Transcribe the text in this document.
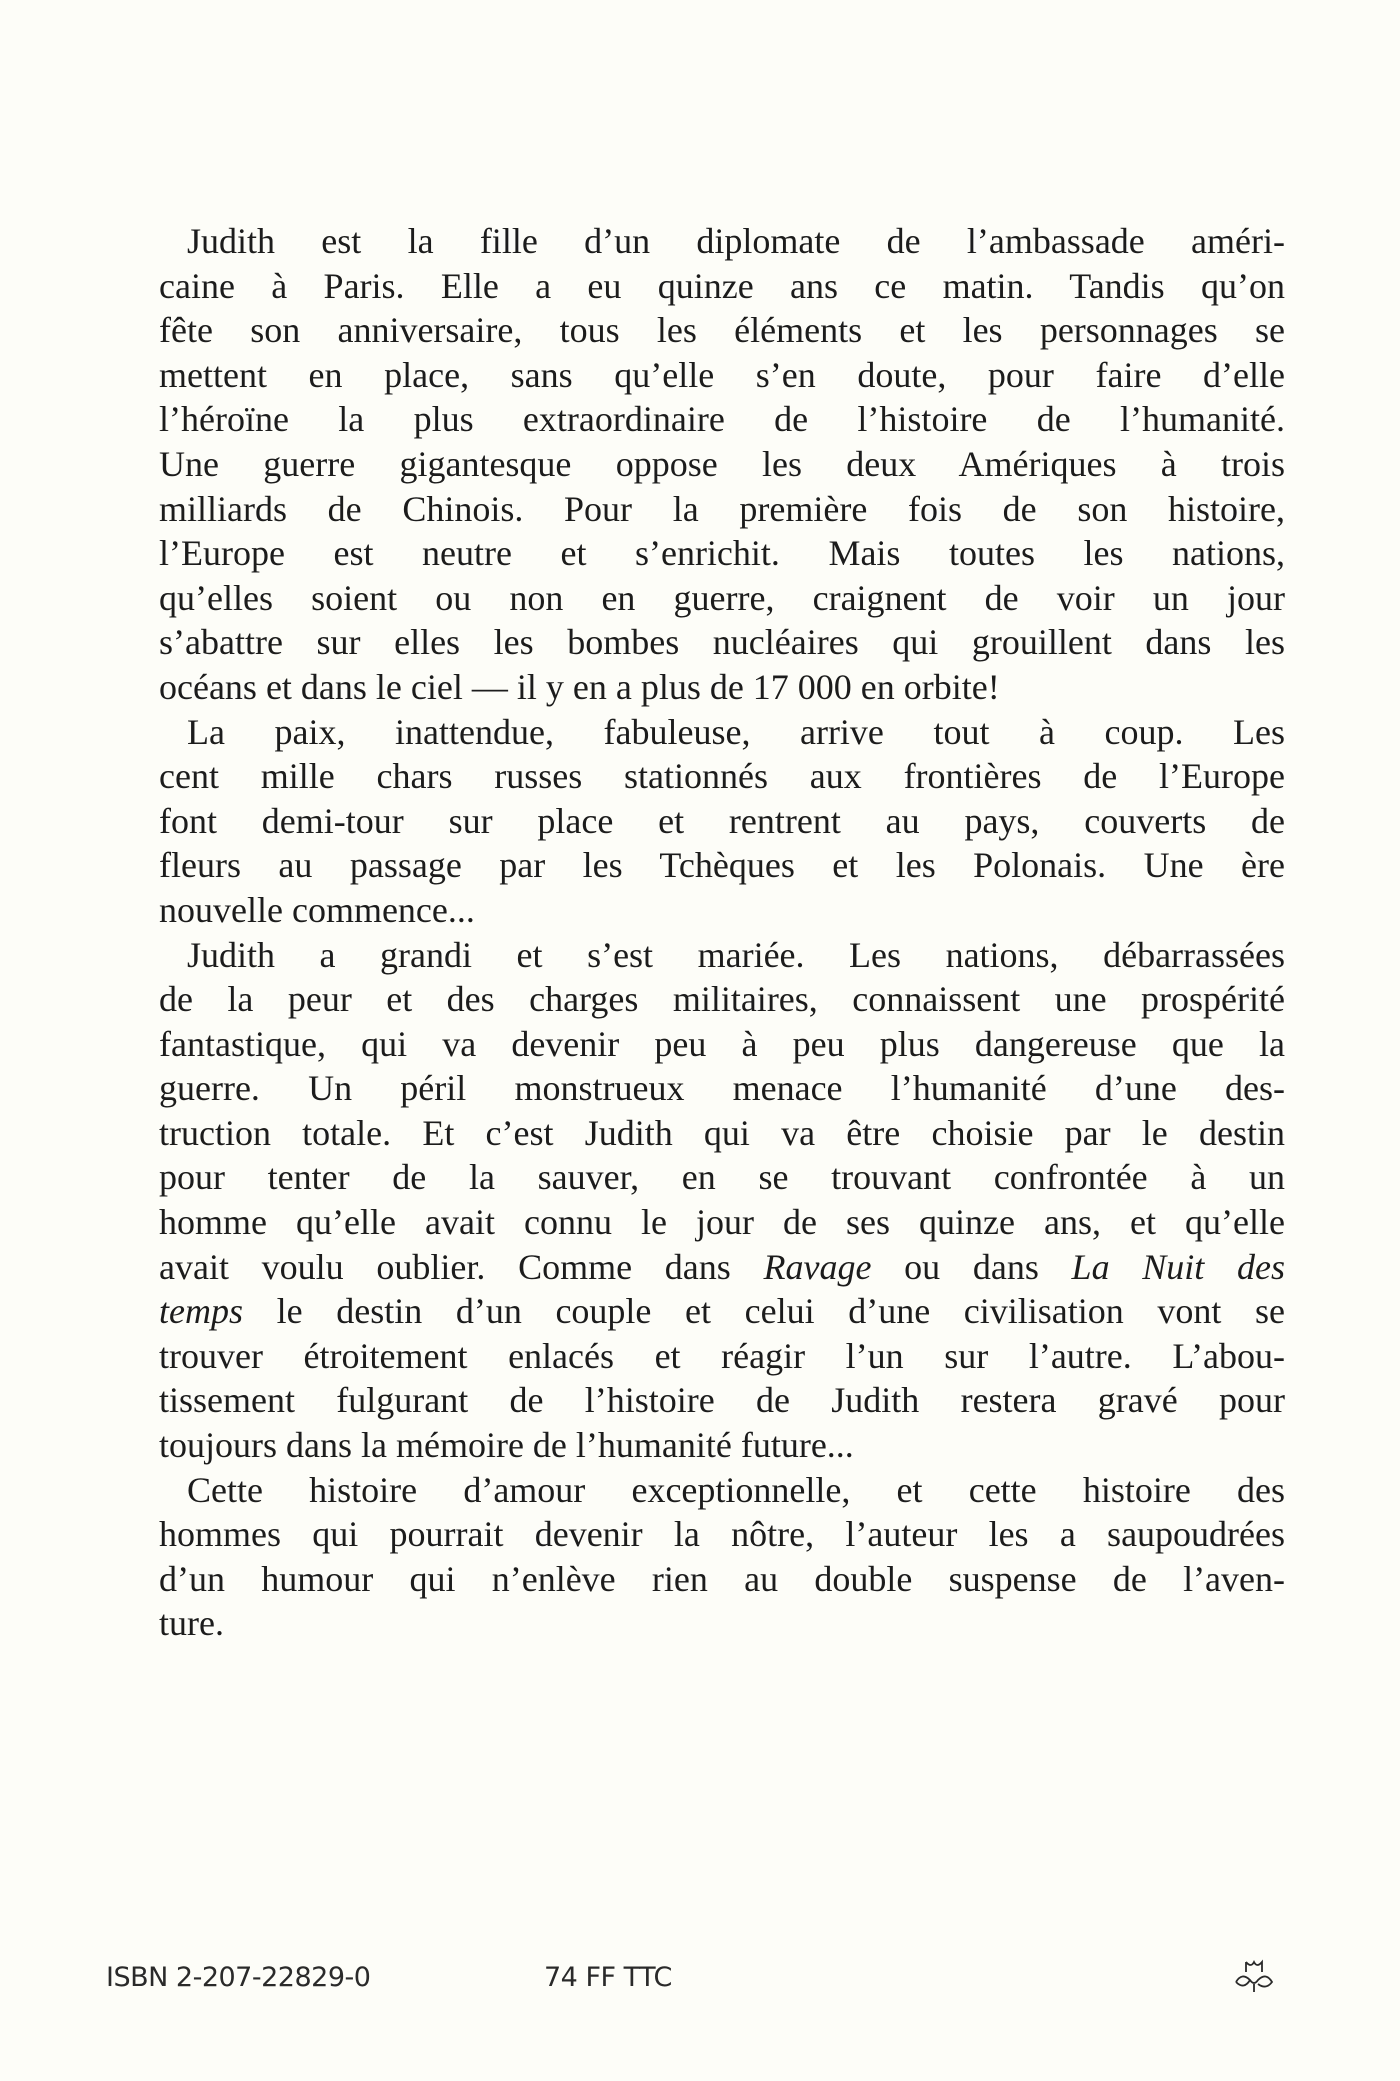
Judith est la fille d’un diplomate de l’ambassade améri-
caine à Paris. Elle a eu quinze ans ce matin. Tandis qu’on
fête son anniversaire, tous les éléments et les personnages se
mettent en place, sans qu’elle s’en doute, pour faire d’elle
l’héroïne la plus extraordinaire de l’histoire de l’humanité.
Une guerre gigantesque oppose les deux Amériques à trois
milliards de Chinois. Pour la première fois de son histoire,
l’Europe est neutre et s’enrichit. Mais toutes les nations,
qu’elles soient ou non en guerre, craignent de voir un jour
s’abattre sur elles les bombes nucléaires qui grouillent dans les
océans et dans le ciel — il y en a plus de 17 000 en orbite!
La paix, inattendue, fabuleuse, arrive tout à coup. Les
cent mille chars russes stationnés aux frontières de l’Europe
font demi-tour sur place et rentrent au pays, couverts de
fleurs au passage par les Tchèques et les Polonais. Une ère
nouvelle commence...
Judith a grandi et s’est mariée. Les nations, débarrassées
de la peur et des charges militaires, connaissent une prospérité
fantastique, qui va devenir peu à peu plus dangereuse que la
guerre. Un péril monstrueux menace l’humanité d’une des-
truction totale. Et c’est Judith qui va être choisie par le destin
pour tenter de la sauver, en se trouvant confrontée à un
homme qu’elle avait connu le jour de ses quinze ans, et qu’elle
avait voulu oublier. Comme dans Ravage ou dans La Nuit des
temps le destin d’un couple et celui d’une civilisation vont se
trouver étroitement enlacés et réagir l’un sur l’autre. L’abou-
tissement fulgurant de l’histoire de Judith restera gravé pour
toujours dans la mémoire de l’humanité future...
Cette histoire d’amour exceptionnelle, et cette histoire des
hommes qui pourrait devenir la nôtre, l’auteur les a saupoudrées
d’un humour qui n’enlève rien au double suspense de l’aven-
ture.
ISBN 2-207-22829-0	74 FF TTC
